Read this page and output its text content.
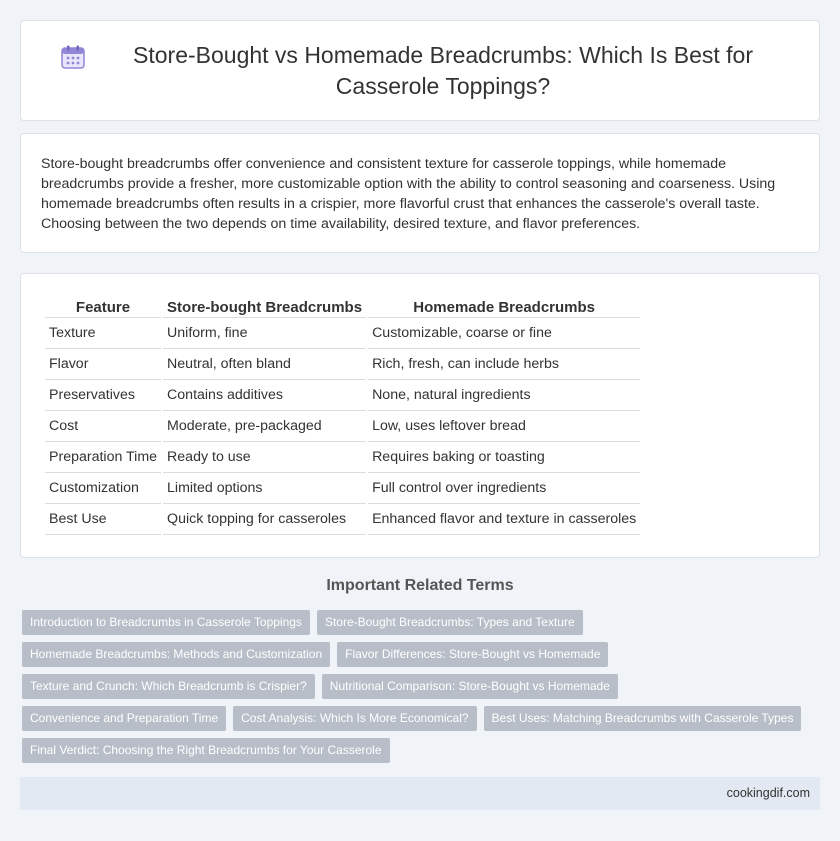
Store-Bought vs Homemade Breadcrumbs: Which Is Best for Casserole Toppings?

Store-bought breadcrumbs offer convenience and consistent texture for casserole toppings, while homemade breadcrumbs provide a fresher, more customizable option with the ability to control seasoning and coarseness. Using homemade breadcrumbs often results in a crispier, more flavorful crust that enhances the casserole's overall taste. Choosing between the two depends on time availability, desired texture, and flavor preferences.

Feature	Store-bought Breadcrumbs	Homemade Breadcrumbs
Texture	Uniform, fine	Customizable, coarse or fine
Flavor	Neutral, often bland	Rich, fresh, can include herbs
Preservatives	Contains additives	None, natural ingredients
Cost	Moderate, pre-packaged	Low, uses leftover bread
Preparation Time	Ready to use	Requires baking or toasting
Customization	Limited options	Full control over ingredients
Best Use	Quick topping for casseroles	Enhanced flavor and texture in casseroles
Important Related Terms
Introduction to Breadcrumbs in Casserole Toppings	Store-Bought Breadcrumbs: Types and Texture
Homemade Breadcrumbs: Methods and Customization	Flavor Differences: Store-Bought vs Homemade
Texture and Crunch: Which Breadcrumb is Crispier?	Nutritional Comparison: Store-Bought vs Homemade
Convenience and Preparation Time	Cost Analysis: Which Is More Economical?	Best Uses: Matching Breadcrumbs with Casserole Types
Final Verdict: Choosing the Right Breadcrumbs for Your Casserole
cookingdif.com
